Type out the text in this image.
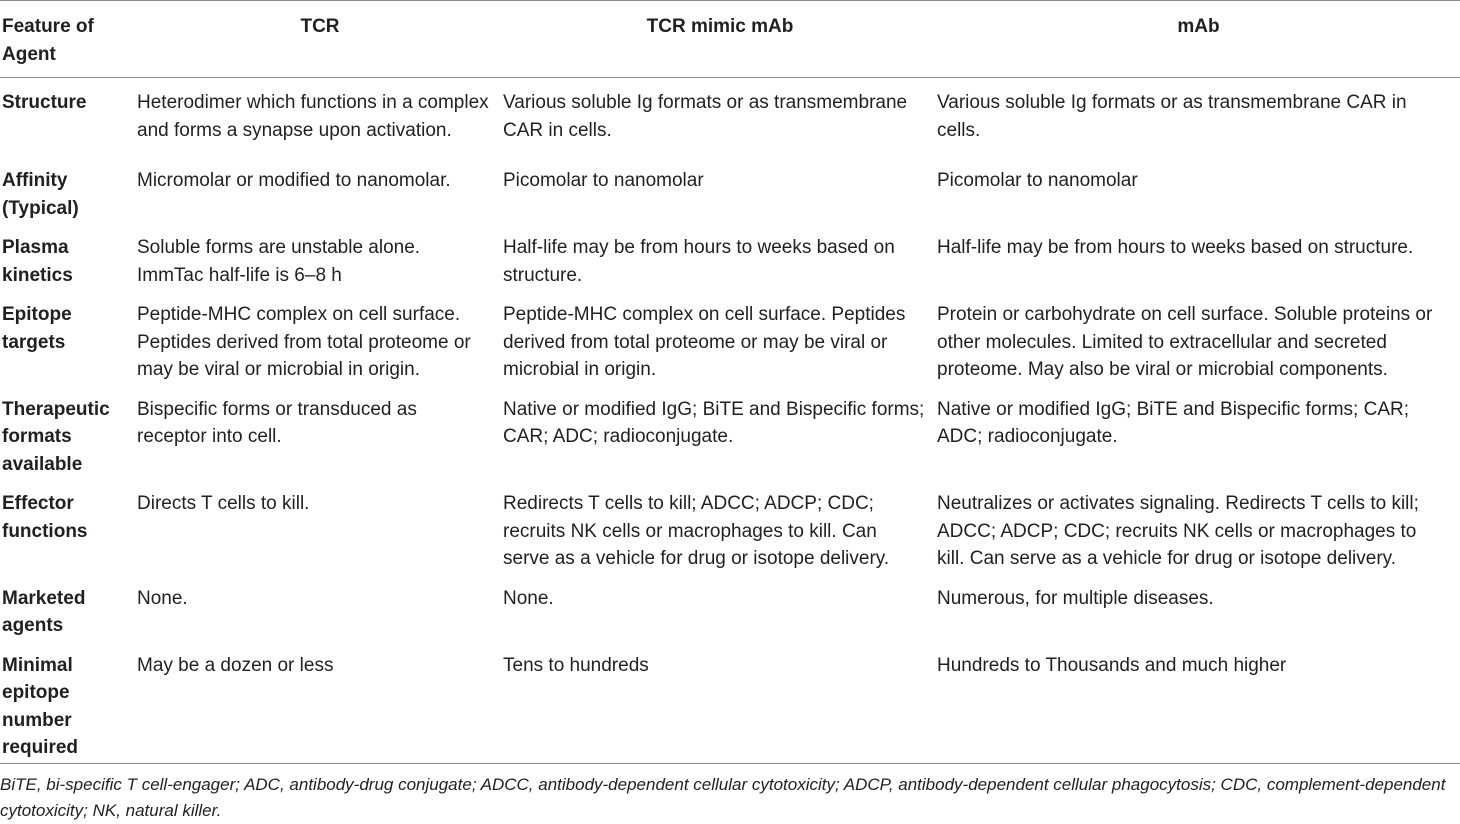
Feature of Agent	TCR	TCR mimic mAb	mAb
Structure	Heterodimer which functions in a complex and forms a synapse upon activation.	Various soluble Ig formats or as transmembrane CAR in cells.	Various soluble Ig formats or as transmembrane CAR in cells.
Affinity (Typical)	Micromolar or modified to nanomolar.	Picomolar to nanomolar	Picomolar to nanomolar
Plasma kinetics	Soluble forms are unstable alone. ImmTac half-life is 6–8 h	Half-life may be from hours to weeks based on structure.	Half-life may be from hours to weeks based on structure.
Epitope targets	Peptide-MHC complex on cell surface. Peptides derived from total proteome or may be viral or microbial in origin.	Peptide-MHC complex on cell surface. Peptides derived from total proteome or may be viral or microbial in origin.	Protein or carbohydrate on cell surface. Soluble proteins or other molecules. Limited to extracellular and secreted proteome. May also be viral or microbial components.
Therapeutic formats available	Bispecific forms or transduced as receptor into cell.	Native or modified IgG; BiTE and Bispecific forms; CAR; ADC; radioconjugate.	Native or modified IgG; BiTE and Bispecific forms; CAR; ADC; radioconjugate.
Effector functions	Directs T cells to kill.	Redirects T cells to kill; ADCC; ADCP; CDC; recruits NK cells or macrophages to kill. Can serve as a vehicle for drug or isotope delivery.	Neutralizes or activates signaling. Redirects T cells to kill; ADCC; ADCP; CDC; recruits NK cells or macrophages to kill. Can serve as a vehicle for drug or isotope delivery.
Marketed agents	None.	None.	Numerous, for multiple diseases.
Minimal epitope number required	May be a dozen or less	Tens to hundreds	Hundreds to Thousands and much higher
BiTE, bi-specific T cell-engager; ADC, antibody-drug conjugate; ADCC, antibody-dependent cellular cytotoxicity; ADCP, antibody-dependent cellular phagocytosis; CDC, complement-dependent cytotoxicity; NK, natural killer.
